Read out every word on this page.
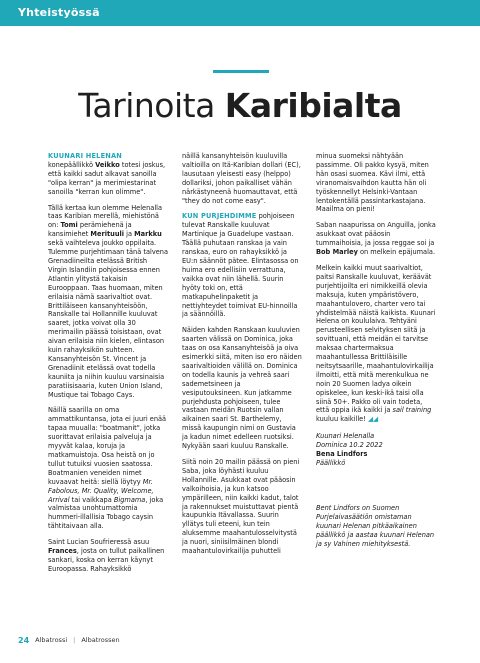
Yhteistyössä
Tarinoita Karibialta

KUUNARI HELENAN konepäällikkö Veikko totesi joskus, että kaikki sadut alkavat sanoilla "olipa kerran" ja merimiestarinat sanoilla "kerran kun olimme".

Tällä kertaa kun olemme Helenalla taas Karibian merellä, miehistönä on: Tomi perämiehenä ja kansimiehet Merituuli ja Markku sekä vaihteleva joukko oppilaita. Tulemme purjehtimaan tänä talvena Grenadiineilta etelässä British Virgin Islandiin pohjoisessa ennen Atlantin ylitystä takaisin Eurooppaan. Taas huomaan, miten erilaisia nämä saarivaltiot ovat. Brittiläiseen kansanyhteisöön, Ranskalle tai Hollannille kuuluvat saaret, jotka voivat olla 30 merimailin päässä toisistaan, ovat aivan erilaisia niin kielen, elintason kuin rahayksikön suhteen. Kansanyhteisön St. Vincent ja Grenadiinit etelässä ovat todella kauniita ja niihin kuuluu varsinaisia paratiisisaaria, kuten Union Island, Mustique tai Tobago Cays.

Näillä saarilla on oma ammattikuntansa, jota ei juuri enää tapaa muualla: "boatmanit", jotka suorittavat erilaisia palveluja ja myyvät kalaa, koruja ja matkamuistoja. Osa heistä on jo tullut tutuiksi vuosien saatossa. Boatmanien veneiden nimet kuvaavat heitä: siellä löytyy Mr. Fabolous, Mr. Quality, Welcome, Arrival tai vaikkapa Bigmama, joka valmistaa unohtumattomia hummeri-illallisia Tobago caysin tähtitaivaan alla.

Saint Lucian Soufrieressä asuu Frances, josta on tullut paikallinen sankari, koska on kerran käynyt Euroopassa. Rahayksikkö

näillä kansanyhteisön kuuluvilla valtioilla on Itä-Karibian dollari (EC), lausutaan yleisesti easy (helppo) dollariksi, johon paikalliset vähän närkästyneenä huomauttavat, että "they do not come easy".

KUN PURJEHDIMME pohjoiseen tulevat Ranskalle kuuluvat Martinique ja Guadelupe vastaan. Täällä puhutaan ranskaa ja vain ranskaa, euro on rahayksikkö ja EU:n säännöt pätee. Elintasossa on huima ero edellisiin verrattuna, vaikka ovat niin lähellä. Suurin hyöty toki on, että matkapuhelinpaketit ja nettiyhteydet toimivat EU-hinnoilla ja säännöillä.

Näiden kahden Ranskaan kuuluvien saarten välissä on Dominica, joka taas on osa Kansanyhteisöä ja oiva esimerkki siitä, miten iso ero näiden saarivaltioiden välillä on. Dominica on todella kaunis ja vehreä saari sademetsineen ja vesiputouksineen. Kun jatkamme purjehdusta pohjoiseen, tulee vastaan meidän Ruotsin vallan aikainen saari St. Barthelemy, missä kaupungin nimi on Gustavia ja kadun nimet edelleen ruotsiksi. Nykyään saari kuuluu Ranskalle.

Siitä noin 20 mailin päässä on pieni Saba, joka löyhästi kuuluu Hollannille. Asukkaat ovat pääosin valkoihoisia, ja kun katsoo ympärilleen, niin kaikki kadut, talot ja rakennukset muistuttavat pientä kaupunkia Itävallassa. Suurin yllätys tuli eteeni, kun tein aluksemme maahantulosselvitystä ja nuori, siniisilmäinen blondi maahantulovirkailija puhutteli

minua suomeksi nähtyään passimme. Oli pakko kysyä, miten hän osasi suomea. Kävi ilmi, että viranomaisvaihdon kautta hän oli työskennellyt Helsinki-Vantaan lentokentällä passintarkastajana. Maailma on pieni!

Saban naapurissa on Anguilla, jonka asukkaat ovat pääosin tummaihoisia, ja jossa reggae soi ja Bob Marley on melkein epäjumala.

Melkein kaikki muut saarivaltiot, paitsi Ranskalle kuuluvat, keräävät purjehtijoilta eri nimikkeillä olevia maksuja, kuten ympäristövero, maahantulovero, charter vero tai yhdistelmää näistä kaikista. Kuunari Helena on koululaiva. Tehtyäni perusteellisen selvityksen siitä ja sovittuani, että meidän ei tarvitse maksaa chartermaksua maahantullessa Brittiläisille neitsytsaarille, maahantulovirkailija ilmoitti, että mitä merenkulkua ne noin 20 Suomen ladya oikein opiskelee, kun keski-ikä taisi olla siinä 50+. Pakko oli vain todeta, että oppia ikä kaikki ja sail training kuuluu kaikille! ◢◢

Kuunari Helenalla
Dominica 10.2 2022
Bena Lindfors
Päällikkö
Bent Lindfors on Suomen Purjelaivasäätiön omistaman kuunari Helenan pitkäaikainen päällikkö ja aastaa kuunari Helenan ja sy Vahinen miehityksestä.
24 Albatrossi | Albatrossen
